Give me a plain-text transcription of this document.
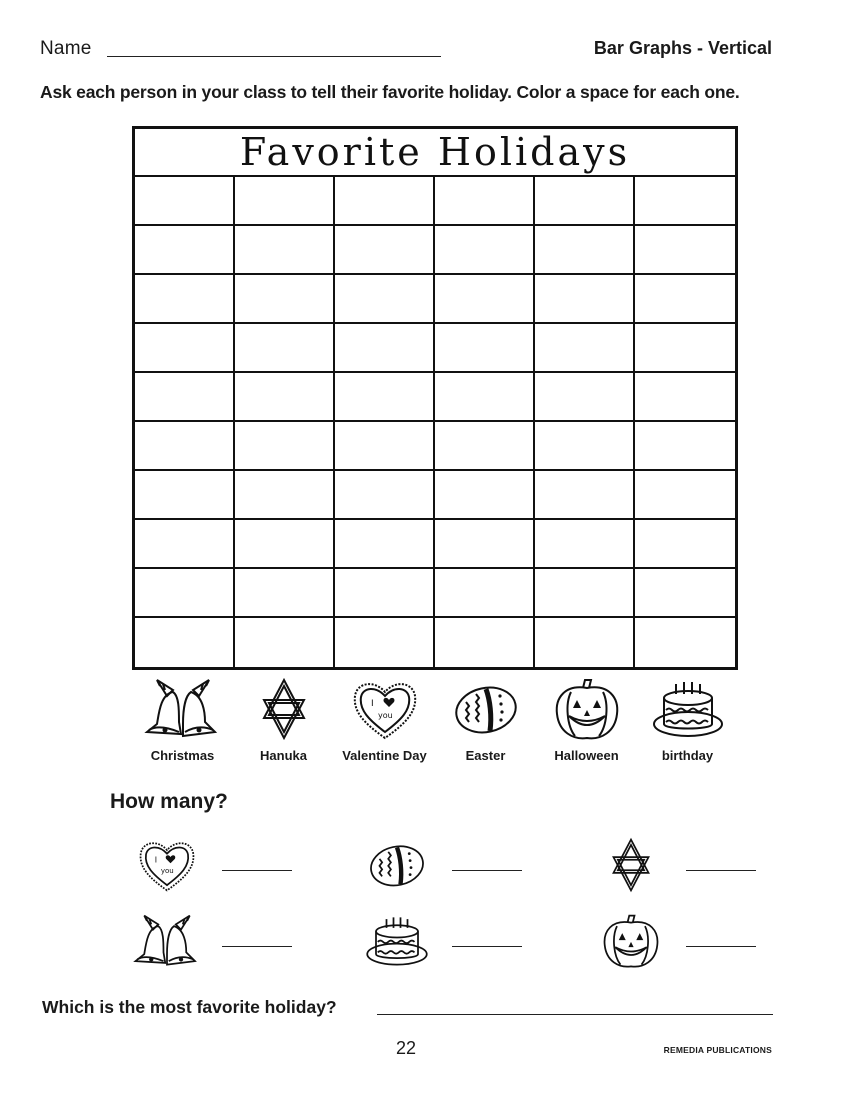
Name	Bar Graphs - Vertical
Ask each person in your class to tell their favorite holiday. Color a space for each one.
Favorite Holidays
Christmas	Hanuka	Valentine Day	Easter	Halloween	birthday
How many?
Which is the most favorite holiday?
22	REMEDIA PUBLICATIONS
